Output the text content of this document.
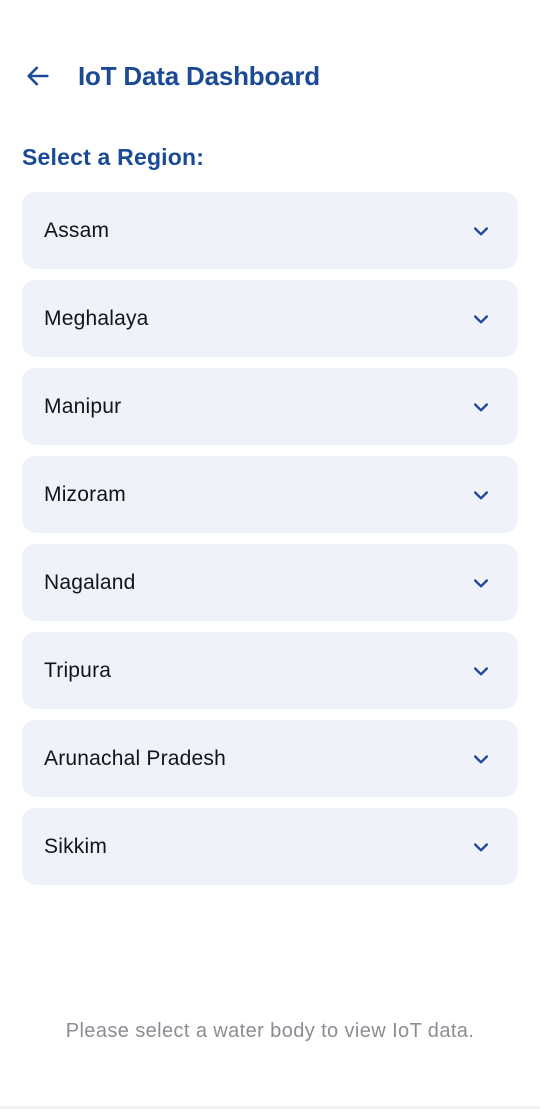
IoT Data Dashboard
Select a Region:
Assam
Meghalaya
Manipur
Mizoram
Nagaland
Tripura
Arunachal Pradesh
Sikkim
Please select a water body to view IoT data.
